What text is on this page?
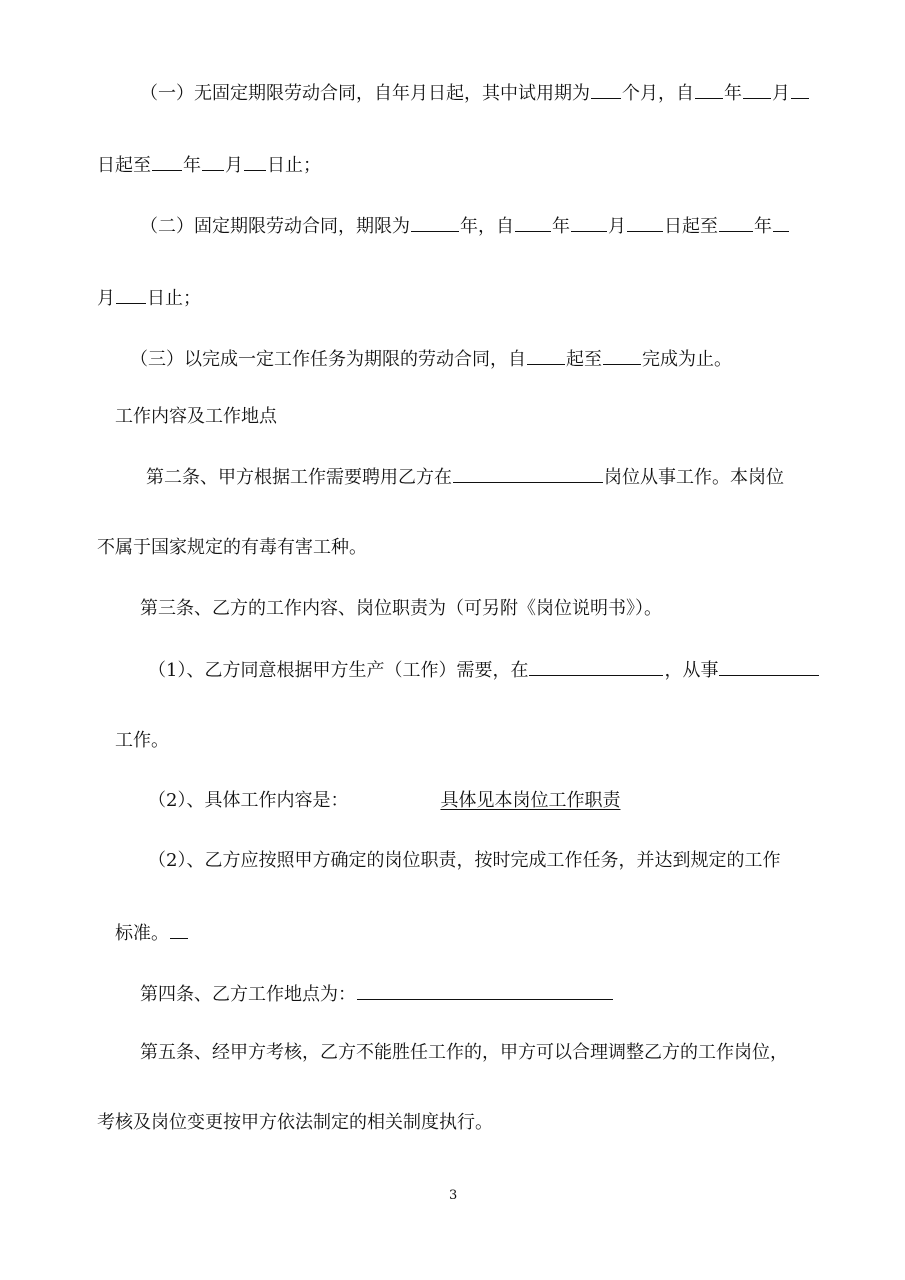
（一）无固定期限劳动合同，自年月日起，其中试用期为 个月，自 年 月
日起至 年 月 日止；
（二）固定期限劳动合同，期限为	年，自 年 月 日起至 年
月 日止；
（三）以完成一定工作任务为期限的劳动合同，自 起至 完成为止。
工作内容及工作地点
第二条、甲方根据工作需要聘用乙方在	岗位从事工作。本岗位
不属于国家规定的有毒有害工种。
第三条、乙方的工作内容、岗位职责为（可另附《岗位说明书》）。
（1）、乙方同意根据甲方生产（工作）需要，在	，从事
工作。
（2）、具体工作内容是：	具体见本岗位工作职责
（2）、乙方应按照甲方确定的岗位职责，按时完成工作任务，并达到规定的工作
标准。
第四条、乙方工作地点为：
第五条、经甲方考核，乙方不能胜任工作的，甲方可以合理调整乙方的工作岗位，
考核及岗位变更按甲方依法制定的相关制度执行。
3
